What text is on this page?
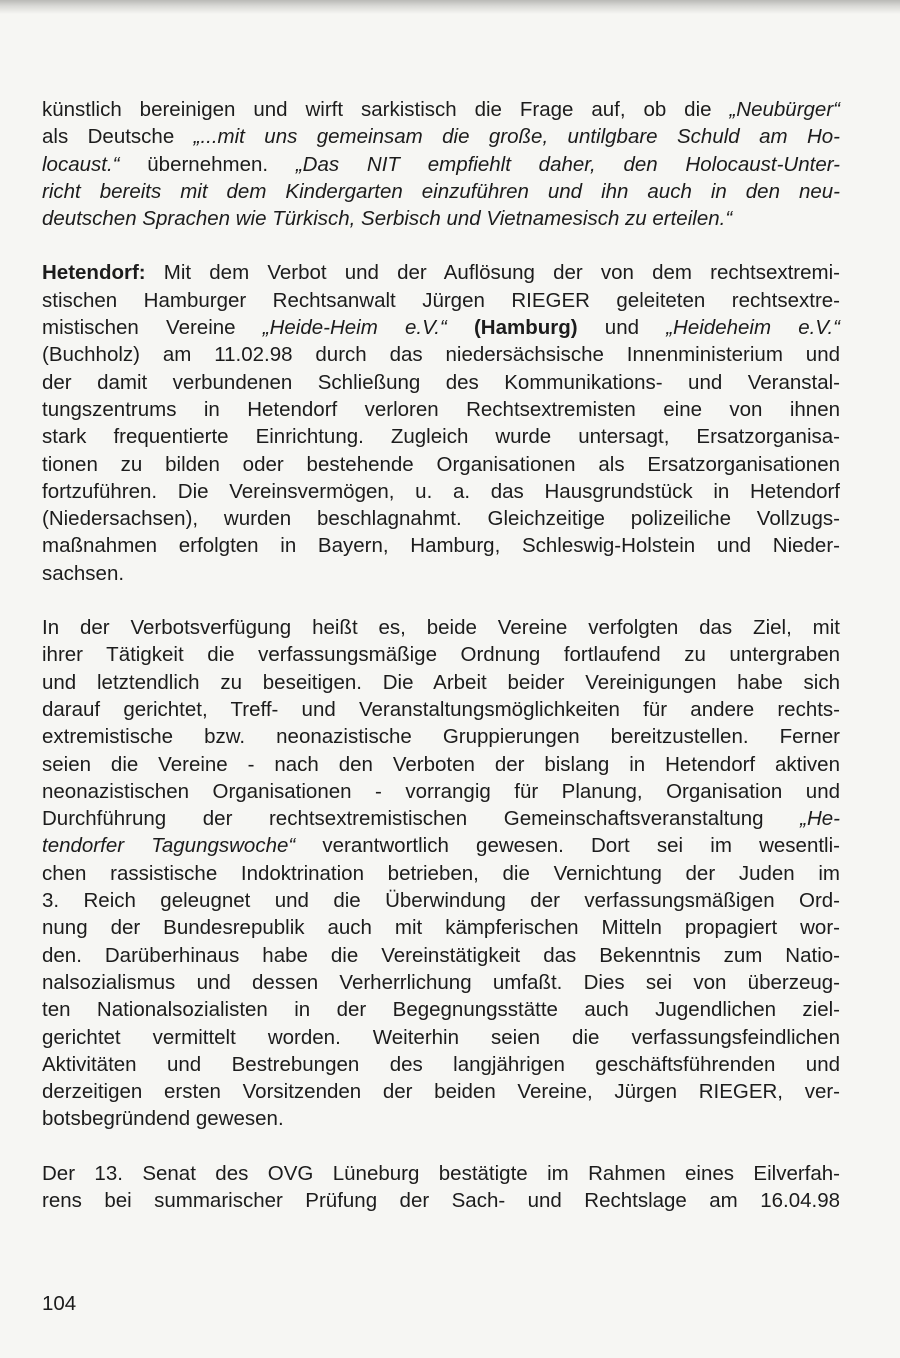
künstlich bereinigen und wirft sarkistisch die Frage auf, ob die „Neubürger“
als Deutsche „...mit uns gemeinsam die große, untilgbare Schuld am Ho-
locaust.“ übernehmen. „Das NIT empfiehlt daher, den Holocaust-Unter-
richt bereits mit dem Kindergarten einzuführen und ihn auch in den neu-
deutschen Sprachen wie Türkisch, Serbisch und Vietnamesisch zu erteilen.“
Hetendorf: Mit dem Verbot und der Auflösung der von dem rechtsextremi-
stischen Hamburger Rechtsanwalt Jürgen RIEGER geleiteten rechtsextre-
mistischen Vereine „Heide-Heim e.V.“ (Hamburg) und „Heideheim e.V.“
(Buchholz) am 11.02.98 durch das niedersächsische Innenministerium und
der damit verbundenen Schließung des Kommunikations- und Veranstal-
tungszentrums in Hetendorf verloren Rechtsextremisten eine von ihnen
stark frequentierte Einrichtung. Zugleich wurde untersagt, Ersatzorganisa-
tionen zu bilden oder bestehende Organisationen als Ersatzorganisationen
fortzuführen. Die Vereinsvermögen, u. a. das Hausgrundstück in Hetendorf
(Niedersachsen), wurden beschlagnahmt. Gleichzeitige polizeiliche Vollzugs-
maßnahmen erfolgten in Bayern, Hamburg, Schleswig-Holstein und Nieder-
sachsen.
In der Verbotsverfügung heißt es, beide Vereine verfolgten das Ziel, mit
ihrer Tätigkeit die verfassungsmäßige Ordnung fortlaufend zu untergraben
und letztendlich zu beseitigen. Die Arbeit beider Vereinigungen habe sich
darauf gerichtet, Treff- und Veranstaltungsmöglichkeiten für andere rechts-
extremistische bzw. neonazistische Gruppierungen bereitzustellen. Ferner
seien die Vereine - nach den Verboten der bislang in Hetendorf aktiven
neonazistischen Organisationen - vorrangig für Planung, Organisation und
Durchführung der rechtsextremistischen Gemeinschaftsveranstaltung „He-
tendorfer Tagungswoche“ verantwortlich gewesen. Dort sei im wesentli-
chen rassistische Indoktrination betrieben, die Vernichtung der Juden im
3. Reich geleugnet und die Überwindung der verfassungsmäßigen Ord-
nung der Bundesrepublik auch mit kämpferischen Mitteln propagiert wor-
den. Darüberhinaus habe die Vereinstätigkeit das Bekenntnis zum Natio-
nalsozialismus und dessen Verherrlichung umfaßt. Dies sei von überzeug-
ten Nationalsozialisten in der Begegnungsstätte auch Jugendlichen ziel-
gerichtet vermittelt worden. Weiterhin seien die verfassungsfeindlichen
Aktivitäten und Bestrebungen des langjährigen geschäftsführenden und
derzeitigen ersten Vorsitzenden der beiden Vereine, Jürgen RIEGER, ver-
botsbegründend gewesen.
Der 13. Senat des OVG Lüneburg bestätigte im Rahmen eines Eilverfah-
rens bei summarischer Prüfung der Sach- und Rechtslage am 16.04.98
104
